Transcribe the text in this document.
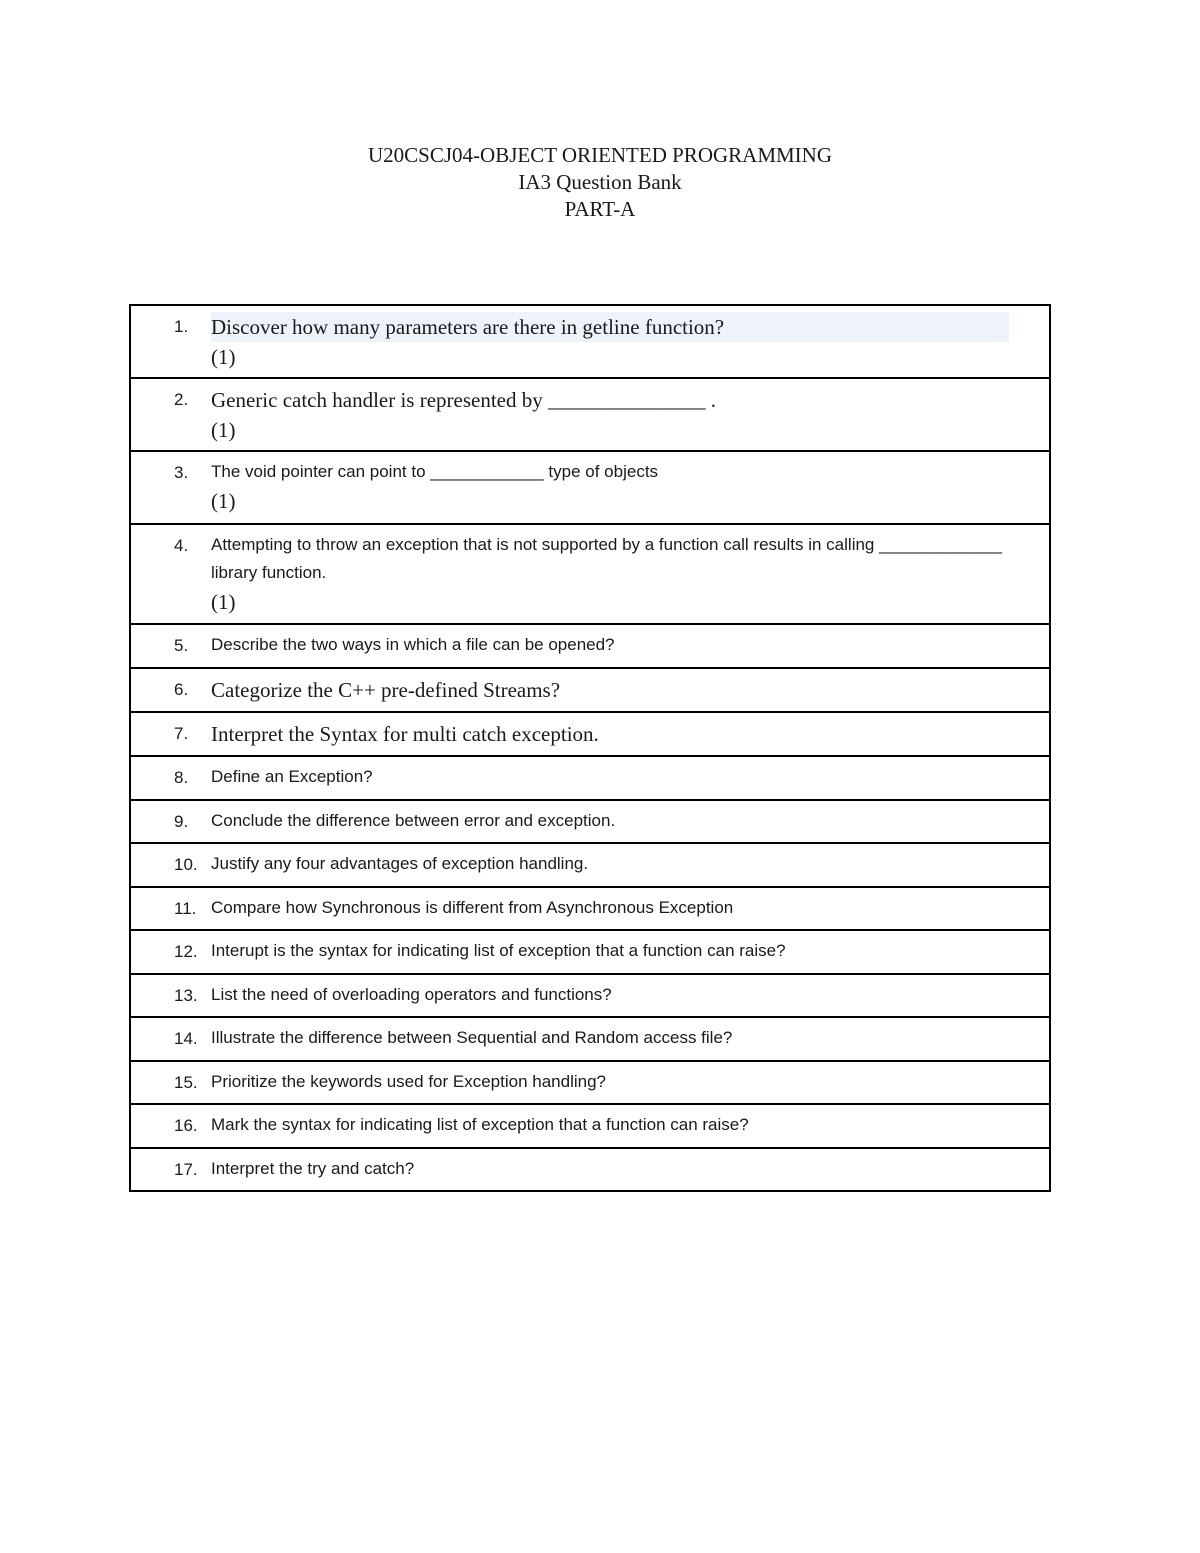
U20CSCJ04-OBJECT ORIENTED PROGRAMMING
IA3 Question Bank
PART-A
1.	Discover how many parameters are there in getline function?
(1)

2.	Generic catch handler is represented by _______________ .
(1)

3.	The void pointer can point to ____________ type of objects
(1)

4.	Attempting to throw an exception that is not supported by a function call results in calling _____________ library function.
(1)

5.	Describe the two ways in which a file can be opened?

6.	Categorize the C++ pre-defined Streams?

7.	Interpret the Syntax for multi catch exception.

8.	Define an Exception?

9.	Conclude the difference between error and exception.

10. Justify any four advantages of exception handling.

11. Compare how Synchronous is different from Asynchronous Exception

12. Interupt is the syntax for indicating list of exception that a function can raise?

13. List the need of overloading operators and functions?

14. Illustrate the difference between Sequential and Random access file?

15. Prioritize the keywords used for Exception handling?

16. Mark the syntax for indicating list of exception that a function can raise?

17. Interpret the try and catch?
